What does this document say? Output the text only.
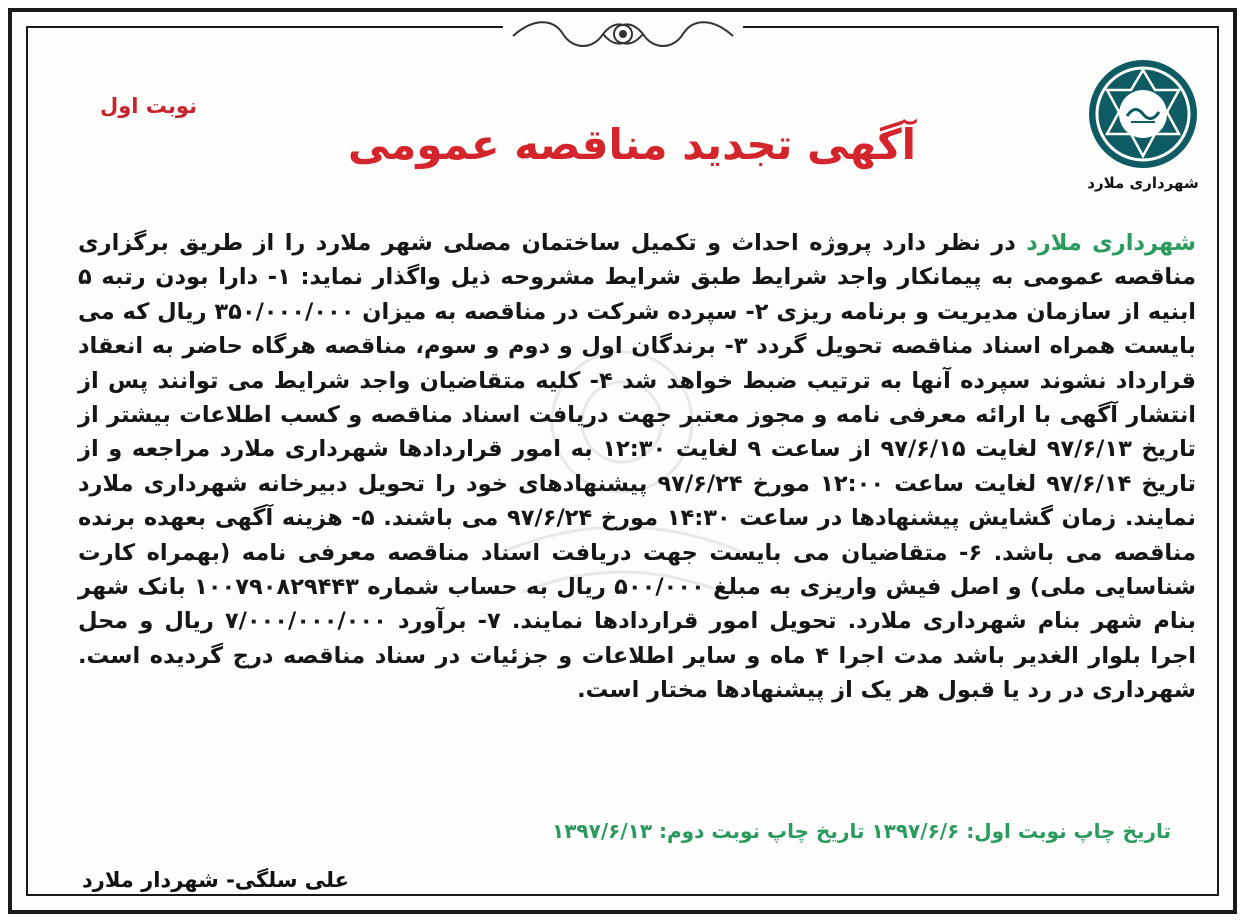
شهرداری ملارد
نوبت اول
آگهی تجدید مناقصه عمومی
شهرداری ملارد در نظر دارد پروژه احداث و تکمیل ساختمان مصلی شهر ملارد را از طریق برگزاری مناقصه عمومی به پیمانکار واجد شرایط طبق شرایط مشروحه ذیل واگذار نماید: ۱- دارا بودن رتبه ۵ ابنیه از سازمان مدیریت و برنامه ریزی ۲- سپرده شرکت در مناقصه به میزان ۳۵۰/۰۰۰/۰۰۰ ریال که می بایست همراه اسناد مناقصه تحویل گردد ۳- برندگان اول و دوم و سوم، مناقصه هرگاه حاضر به انعقاد قرارداد نشوند سپرده آنها به ترتیب ضبط خواهد شد ۴- کلیه متقاضیان واجد شرایط می توانند پس از انتشار آگهی با ارائه معرفی نامه و مجوز معتبر جهت دریافت اسناد مناقصه و کسب اطلاعات بیشتر از تاریخ ۹۷/۶/۱۳ لغایت ۹۷/۶/۱۵ از ساعت ۹ لغایت ۱۲:۳۰ به امور قراردادها شهرداری ملارد مراجعه و از تاریخ ۹۷/۶/۱۴ لغایت ساعت ۱۲:۰۰ مورخ ۹۷/۶/۲۴ پیشنهادهای خود را تحویل دبیرخانه شهرداری ملارد نمایند. زمان گشایش پیشنهادها در ساعت ۱۴:۳۰ مورخ ۹۷/۶/۲۴ می باشند. ۵- هزینه آگهی بعهده برنده مناقصه می باشد. ۶- متقاضیان می بایست جهت دریافت اسناد مناقصه معرفی نامه (بهمراه کارت شناسایی ملی) و اصل فیش واریزی به مبلغ ۵۰۰/۰۰۰ ریال به حساب شماره ۱۰۰۷۹۰۸۲۹۴۴۳ بانک شهر بنام شهر بنام شهرداری ملارد. تحویل امور قراردادها نمایند. ۷- برآورد ۷/۰۰۰/۰۰۰/۰۰۰ ریال و محل اجرا بلوار الغدیر باشد مدت اجرا ۴ ماه و سایر اطلاعات و جزئیات در سناد مناقصه درج گردیده است. شهرداری در رد یا قبول هر یک از پیشنهادها مختار است.
تاریخ چاپ نوبت اول: ۱۳۹۷/۶/۶ تاریخ چاپ نوبت دوم: ۱۳۹۷/۶/۱۳
علی سلگی- شهردار ملارد
